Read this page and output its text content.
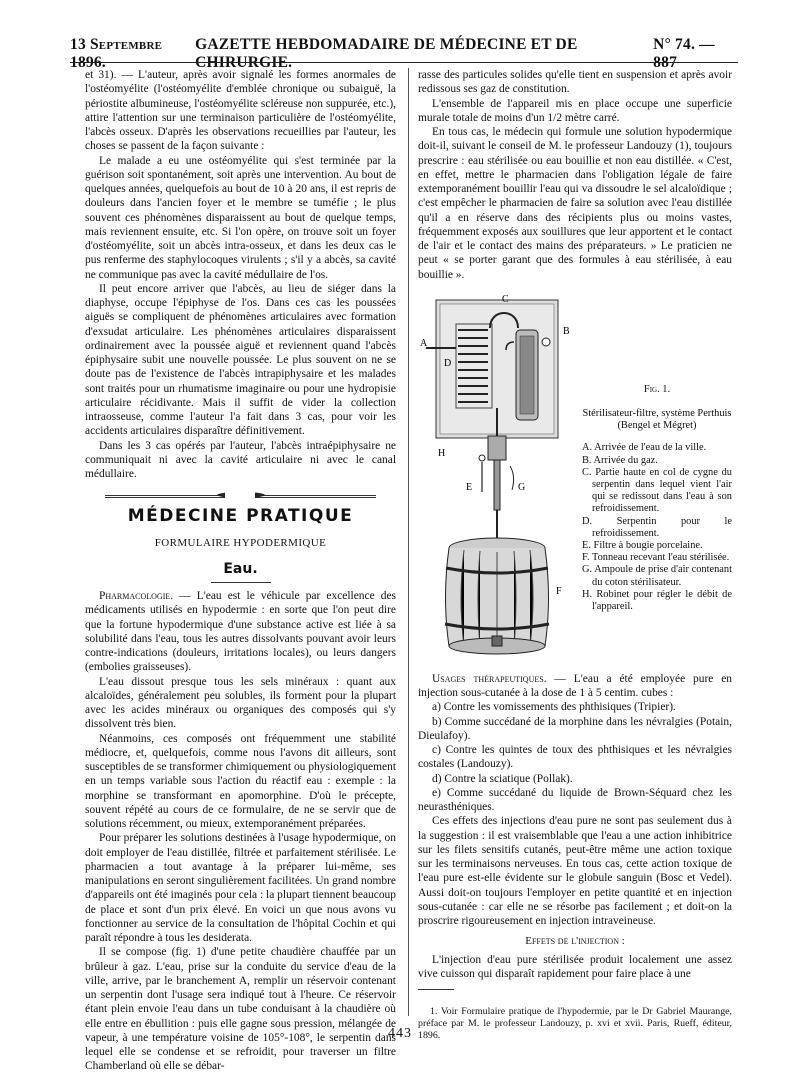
13 Septembre 1896.
GAZETTE HEBDOMADAIRE DE MÉDECINE ET DE CHIRURGIE.
N° 74. — 887

et 31). — L'auteur, après avoir signalé les formes anormales de l'ostéomyélite (l'ostéomyélite d'emblée chronique ou subaiguë, la périostite albumineuse, l'ostéomyélite scléreuse non suppurée, etc.), attire l'attention sur une terminaison particulière de l'ostéomyélite, l'abcès osseux. D'après les observations recueillies par l'auteur, les choses se passent de la façon suivante :

Le malade a eu une ostéomyélite qui s'est terminée par la guérison soit spontanément, soit après une intervention. Au bout de quelques années, quelquefois au bout de 10 à 20 ans, il est repris de douleurs dans l'ancien foyer et le membre se tuméfie ; le plus souvent ces phénomènes disparaissent au bout de quelque temps, mais reviennent ensuite, etc. Si l'on opère, on trouve soit un foyer d'ostéomyélite, soit un abcès intra-osseux, et dans les deux cas le pus renferme des staphylocoques virulents ; s'il y a abcès, sa cavité ne communique pas avec la cavité médullaire de l'os.

Il peut encore arriver que l'abcès, au lieu de siéger dans la diaphyse, occupe l'épiphyse de l'os. Dans ces cas les poussées aiguës se compliquent de phénomènes articulaires avec formation d'exsudat articulaire. Les phénomènes articulaires disparaissent ordinairement avec la poussée aiguë et reviennent quand l'abcès épiphysaire subit une nouvelle poussée. Le plus souvent on ne se doute pas de l'existence de l'abcès intrapiphysaire et les malades sont traités pour un rhumatisme imaginaire ou pour une hydropisie articulaire récidivante. Mais il suffit de vider la collection intraosseuse, comme l'auteur l'a fait dans 3 cas, pour voir les accidents articulaires disparaître définitivement.

Dans les 3 cas opérés par l'auteur, l'abcès intraépiphysaire ne communiquait ni avec la cavité articulaire ni avec le canal médullaire.

MÉDECINE PRATIQUE
FORMULAIRE HYPODERMIQUE
Eau.

Pharmacologie. — L'eau est le véhicule par excellence des médicaments utilisés en hypodermie : en sorte que l'on peut dire que la fortune hypodermique d'une substance active est liée à sa solubilité dans l'eau, tous les autres dissolvants pouvant avoir leurs contre-indications (douleurs, irritations locales), ou leurs dangers (embolies graisseuses).

L'eau dissout presque tous les sels minéraux : quant aux alcaloïdes, généralement peu solubles, ils forment pour la plupart avec les acides minéraux ou organiques des composés qui s'y dissolvent très bien.

Néanmoins, ces composés ont fréquemment une stabilité médiocre, et, quelquefois, comme nous l'avons dit ailleurs, sont susceptibles de se transformer chimiquement ou physiologiquement en un temps variable sous l'action du réactif eau : exemple : la morphine se transformant en apomorphine. D'où le précepte, souvent répété au cours de ce formulaire, de ne se servir que de solutions récemment, ou mieux, extemporanément préparées.

Pour préparer les solutions destinées à l'usage hypodermique, on doit employer de l'eau distillée, filtrée et parfaitement stérilisée. Le pharmacien a tout avantage à la préparer lui-même, ses manipulations en seront singulièrement facilitées. Un grand nombre d'appareils ont été imaginés pour cela : la plupart tiennent beaucoup de place et sont d'un prix élevé. En voici un que nous avons vu fonctionner au service de la consultation de l'hôpital Cochin et qui paraît répondre à tous les desiderata.

Il se compose (fig. 1) d'une petite chaudière chauffée par un brûleur à gaz. L'eau, prise sur la conduite du service d'eau de la ville, arrive, par le branchement A, remplir un réservoir contenant un serpentin dont l'usage sera indiqué tout à l'heure. Ce réservoir étant plein envoie l'eau dans un tube conduisant à la chaudière où elle entre en ébullition : puis elle gagne sous pression, mélangée de vapeur, à une température voisine de 105°-108°, le serpentin dans lequel elle se condense et se refroidit, pour traverser un filtre Chamberland où elle se débar-

rasse des particules solides qu'elle tient en suspension et après avoir redissous ses gaz de constitution.

L'ensemble de l'appareil mis en place occupe une superficie murale totale de moins d'un 1/2 mètre carré.

En tous cas, le médecin qui formule une solution hypodermique doit-il, suivant le conseil de M. le professeur Landouzy (1), toujours prescrire : eau stérilisée ou eau bouillie et non eau distillée. « C'est, en effet, mettre le pharmacien dans l'obligation légale de faire extemporanément bouillir l'eau qui va dissoudre le sel alcaloïdique ; c'est empêcher le pharmacien de faire sa solution avec l'eau distillée qu'il a en réserve dans des récipients plus ou moins vastes, fréquemment exposés aux souillures que leur apportent et le contact de l'air et le contact des mains des préparateurs. » Le praticien ne peut « se porter garant que des formules à eau stérilisée, à eau bouillie ».

A
B
C
D
E
F
G
H
Fig. 1.
Stérilisateur-filtre, système Perthuis (Bengel et Mégret)

A. Arrivée de l'eau de la ville.

B. Arrivée du gaz.

C. Partie haute en col de cygne du serpentin dans lequel vient l'air qui se redissout dans l'eau à son refroidissement.

D. Serpentin pour le refroidissement.

E. Filtre à bougie porcelaine.

F. Tonneau recevant l'eau stérilisée.

G. Ampoule de prise d'air contenant du coton stérilisateur.

H. Robinet pour régler le débit de l'appareil.

Usages thérapeutiques. — L'eau a été employée pure en injection sous-cutanée à la dose de 1 à 5 centim. cubes :

a) Contre les vomissements des phthisiques (Tripier).

b) Comme succédané de la morphine dans les névralgies (Potain, Dieulafoy).

c) Contre les quintes de toux des phthisiques et les névralgies costales (Landouzy).

d) Contre la sciatique (Pollak).

e) Comme succédané du liquide de Brown-Séquard chez les neurasthéniques.

Ces effets des injections d'eau pure ne sont pas seulement dus à la suggestion : il est vraisemblable que l'eau a une action inhibitrice sur les filets sensitifs cutanés, peut-être même une action toxique sur les terminaisons nerveuses. En tous cas, cette action toxique de l'eau pure est-elle évidente sur le globule sanguin (Bosc et Vedel). Aussi doit-on toujours l'employer en petite quantité et en injection sous-cutanée : car elle ne se résorbe pas facilement ; et doit-on la proscrire rigoureusement en injection intraveineuse.

Effets de l'injection :

L'injection d'eau pure stérilisée produit localement une assez vive cuisson qui disparaît rapidement pour faire place à une

1. Voir Formulaire pratique de l'hypodermie, par le Dr Gabriel Maurange, préface par M. le professeur Landouzy, p. xvi et xvii. Paris, Rueff, éditeur, 1896.
443
